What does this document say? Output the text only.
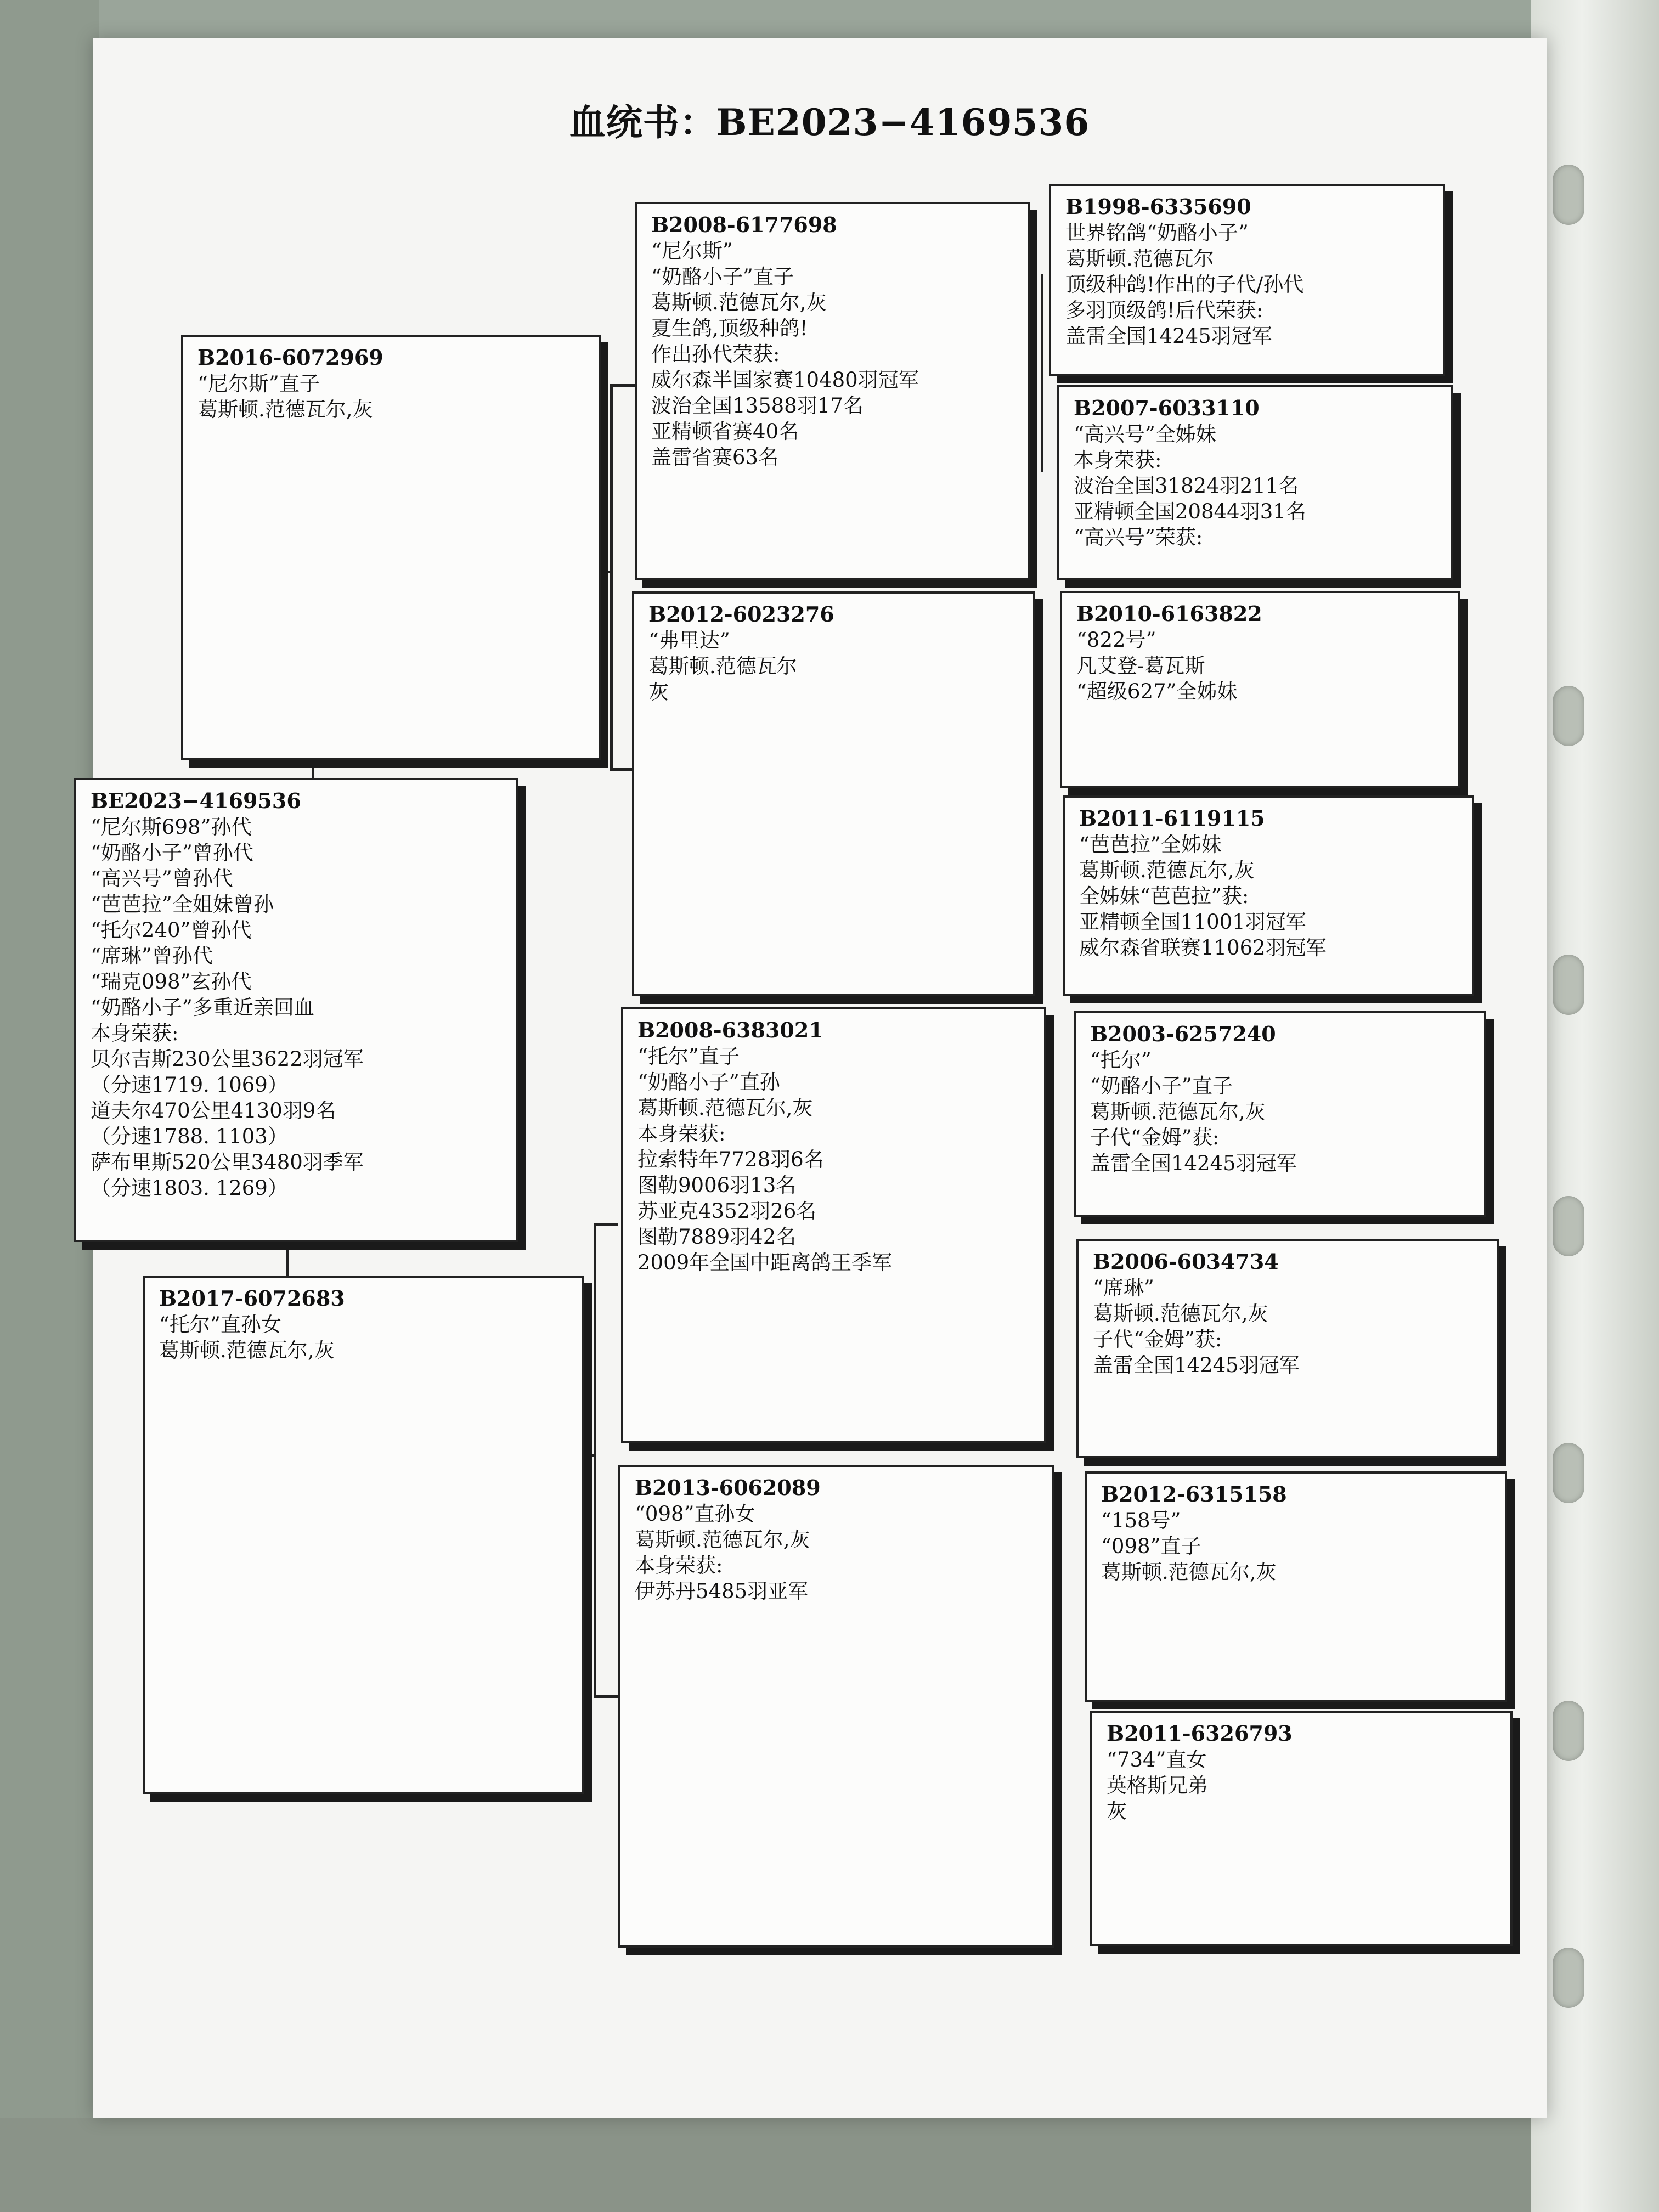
血统书：BE2023−4169536
BE2023−4169536
“尼尔斯698”孙代
“奶酪小子”曾孙代
“高兴号”曾孙代
“芭芭拉”全姐妹曾孙
“托尔240”曾孙代
“席琳”曾孙代
“瑞克098”玄孙代
“奶酪小子”多重近亲回血
本身荣获:
贝尔吉斯230公里3622羽冠军
（分速1719. 1069）
道夫尔470公里4130羽9名
（分速1788. 1103）
萨布里斯520公里3480羽季军
（分速1803. 1269）
B2016-6072969
“尼尔斯”直子
葛斯顿.范德瓦尔,灰
B2017-6072683
“托尔”直孙女
葛斯顿.范德瓦尔,灰
B2008-6177698
“尼尔斯”
“奶酪小子”直子
葛斯顿.范德瓦尔,灰
夏生鸽,顶级种鸽!
作出孙代荣获:
威尔森半国家赛10480羽冠军
波治全国13588羽17名
亚精顿省赛40名
盖雷省赛63名
B2012-6023276
“弗里达”
葛斯顿.范德瓦尔
灰
B2008-6383021
“托尔”直子
“奶酪小子”直孙
葛斯顿.范德瓦尔,灰
本身荣获:
拉索特年7728羽6名
图勒9006羽13名
苏亚克4352羽26名
图勒7889羽42名
2009年全国中距离鸽王季军
B2013-6062089
“098”直孙女
葛斯顿.范德瓦尔,灰
本身荣获:
伊苏丹5485羽亚军
B1998-6335690
世界铭鸽“奶酪小子”
葛斯顿.范德瓦尔
顶级种鸽!作出的子代/孙代
多羽顶级鸽!后代荣获:
盖雷全国14245羽冠军
B2007-6033110
“高兴号”全姊妹
本身荣获:
波治全国31824羽211名
亚精顿全国20844羽31名
“高兴号”荣获:
B2010-6163822
“822号”
凡艾登-葛瓦斯
“超级627”全姊妹
B2011-6119115
“芭芭拉”全姊妹
葛斯顿.范德瓦尔,灰
全姊妹“芭芭拉”获:
亚精顿全国11001羽冠军
威尔森省联赛11062羽冠军
B2003-6257240
“托尔”
“奶酪小子”直子
葛斯顿.范德瓦尔,灰
子代“金姆”获:
盖雷全国14245羽冠军
B2006-6034734
“席琳”
葛斯顿.范德瓦尔,灰
子代“金姆”获:
盖雷全国14245羽冠军
B2012-6315158
“158号”
“098”直子
葛斯顿.范德瓦尔,灰
B2011-6326793
“734”直女
英格斯兄弟
灰
